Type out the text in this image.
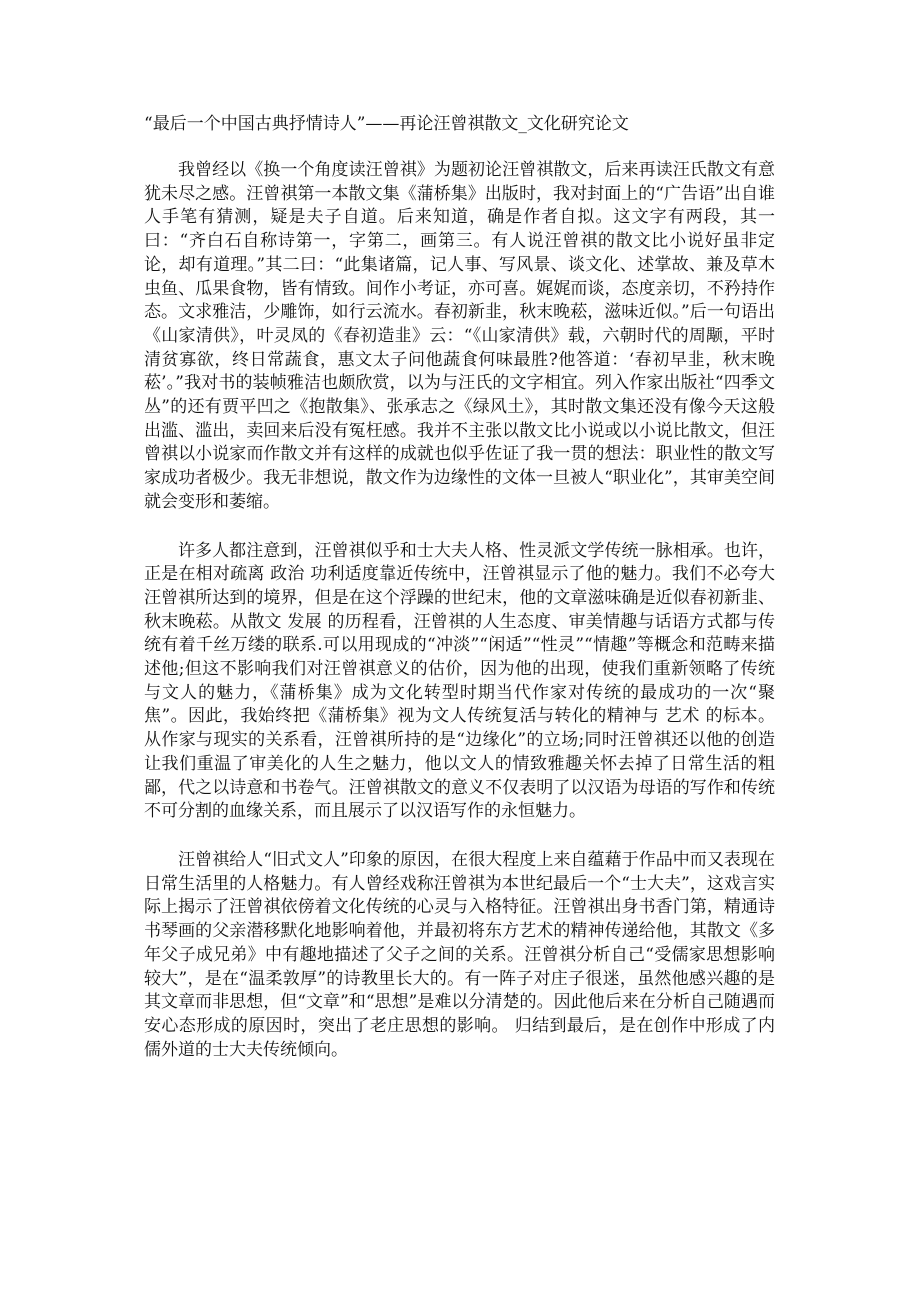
“最后一个中国古典抒情诗人”——再论汪曾祺散文_文化研究论文

我曾经以《换一个角度读汪曾祺》为题初论汪曾祺散文，后来再读汪氏散文有意犹未尽之感。汪曾祺第一本散文集《蒲桥集》出版时，我对封面上的“广告语”出自谁人手笔有猜测，疑是夫子自道。后来知道，确是作者自拟。这文字有两段，其一曰：“齐白石自称诗第一，字第二，画第三。有人说汪曾祺的散文比小说好虽非定论，却有道理。”其二曰：“此集诸篇，记人事、写风景、谈文化、述掌故、兼及草木虫鱼、瓜果食物，皆有情致。间作小考证，亦可喜。娓娓而谈，态度亲切，不矜持作态。文求雅洁，少雕饰，如行云流水。春初新韭，秋末晚菘，滋味近似。”后一句语出《山家清供》，叶灵凤的《春初造韭》云：“《山家清供》载，六朝时代的周颙，平时清贫寡欲，终日常蔬食，惠文太子问他蔬食何味最胜?他答道：‘春初早韭，秋末晚菘’。”我对书的装帧雅洁也颇欣赏，以为与汪氏的文字相宜。列入作家出版社“四季文丛”的还有贾平凹之《抱散集》、张承志之《绿风土》，其时散文集还没有像今天这般出滥、滥出，卖回来后没有冤枉感。我并不主张以散文比小说或以小说比散文，但汪曾祺以小说家而作散文并有这样的成就也似乎佐证了我一贯的想法：职业性的散文写家成功者极少。我无非想说，散文作为边缘性的文体一旦被人“职业化”，其审美空间就会变形和萎缩。

许多人都注意到，汪曾祺似乎和士大夫人格、性灵派文学传统一脉相承。也许，正是在相对疏离 政治 功利适度靠近传统中，汪曾祺显示了他的魅力。我们不必夸大汪曾祺所达到的境界，但是在这个浮躁的世纪末，他的文章滋味确是近似春初新韭、秋末晚菘。从散文 发展 的历程看，汪曾祺的人生态度、审美情趣与话语方式都与传统有着千丝万缕的联系.可以用现成的“冲淡”“闲适”“性灵”“情趣”等概念和范畴来描述他;但这不影响我们对汪曾祺意义的估价，因为他的出现，使我们重新领略了传统与文人的魅力，《蒲桥集》成为文化转型时期当代作家对传统的最成功的一次“聚焦”。因此，我始终把《蒲桥集》视为文人传统复活与转化的精神与 艺术 的标本。从作家与现实的关系看，汪曾祺所持的是“边缘化”的立场;同时汪曾祺还以他的创造让我们重温了审美化的人生之魅力，他以文人的情致雅趣关怀去掉了日常生活的粗鄙，代之以诗意和书卷气。汪曾祺散文的意义不仅表明了以汉语为母语的写作和传统不可分割的血缘关系，而且展示了以汉语写作的永恒魅力。

汪曾祺给人“旧式文人”印象的原因，在很大程度上来自蕴藉于作品中而又表现在日常生活里的人格魅力。有人曾经戏称汪曾祺为本世纪最后一个“士大夫”，这戏言实际上揭示了汪曾祺依傍着文化传统的心灵与入格特征。汪曾祺出身书香门第，精通诗书琴画的父亲潜移默化地影响着他，并最初将东方艺术的精神传递给他，其散文《多年父子成兄弟》中有趣地描述了父子之间的关系。汪曾祺分析自己“受儒家思想影响较大”，是在“温柔敦厚”的诗教里长大的。有一阵子对庄子很迷，虽然他感兴趣的是其文章而非思想，但“文章”和“思想”是难以分清楚的。因此他后来在分析自己随遇而安心态形成的原因时，突出了老庄思想的影响。 归结到最后，是在创作中形成了内儒外道的士大夫传统倾向。
